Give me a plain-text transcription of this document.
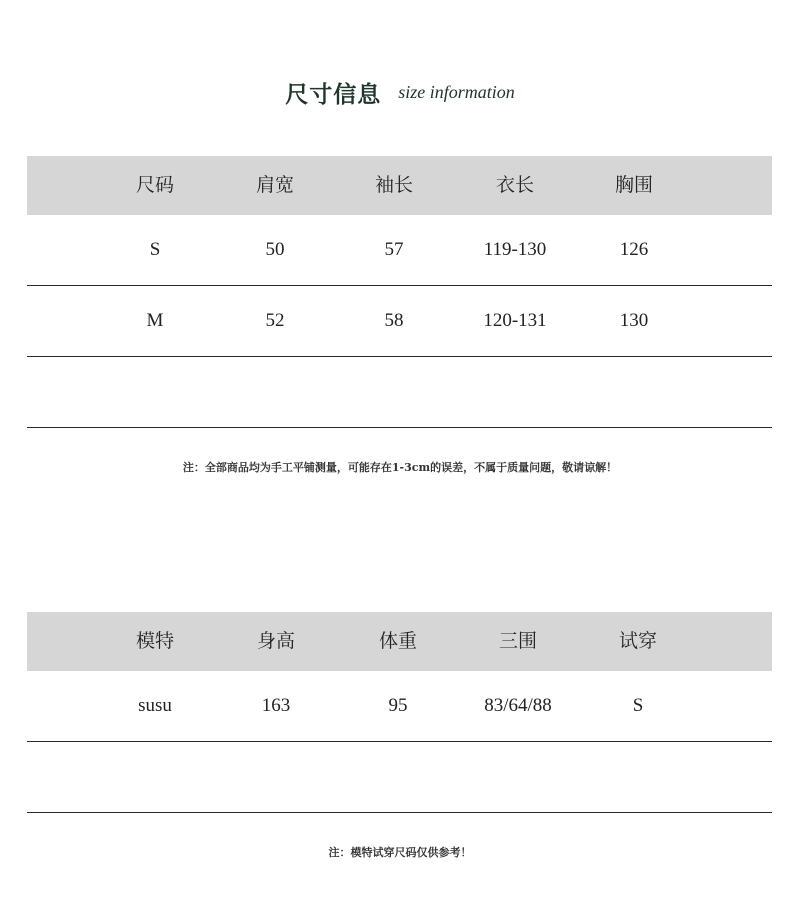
尺寸信息 size information
尺码	肩宽	袖长	衣长	胸围
S	50	57	119-130	126
M	52	58	120-131	130
注：全部商品均为手工平铺测量，可能存在1-3cm的误差，不属于质量问题，敬请谅解！
模特	身高	体重	三围	试穿
susu	163	95	83/64/88	S
注：模特试穿尺码仅供参考！
